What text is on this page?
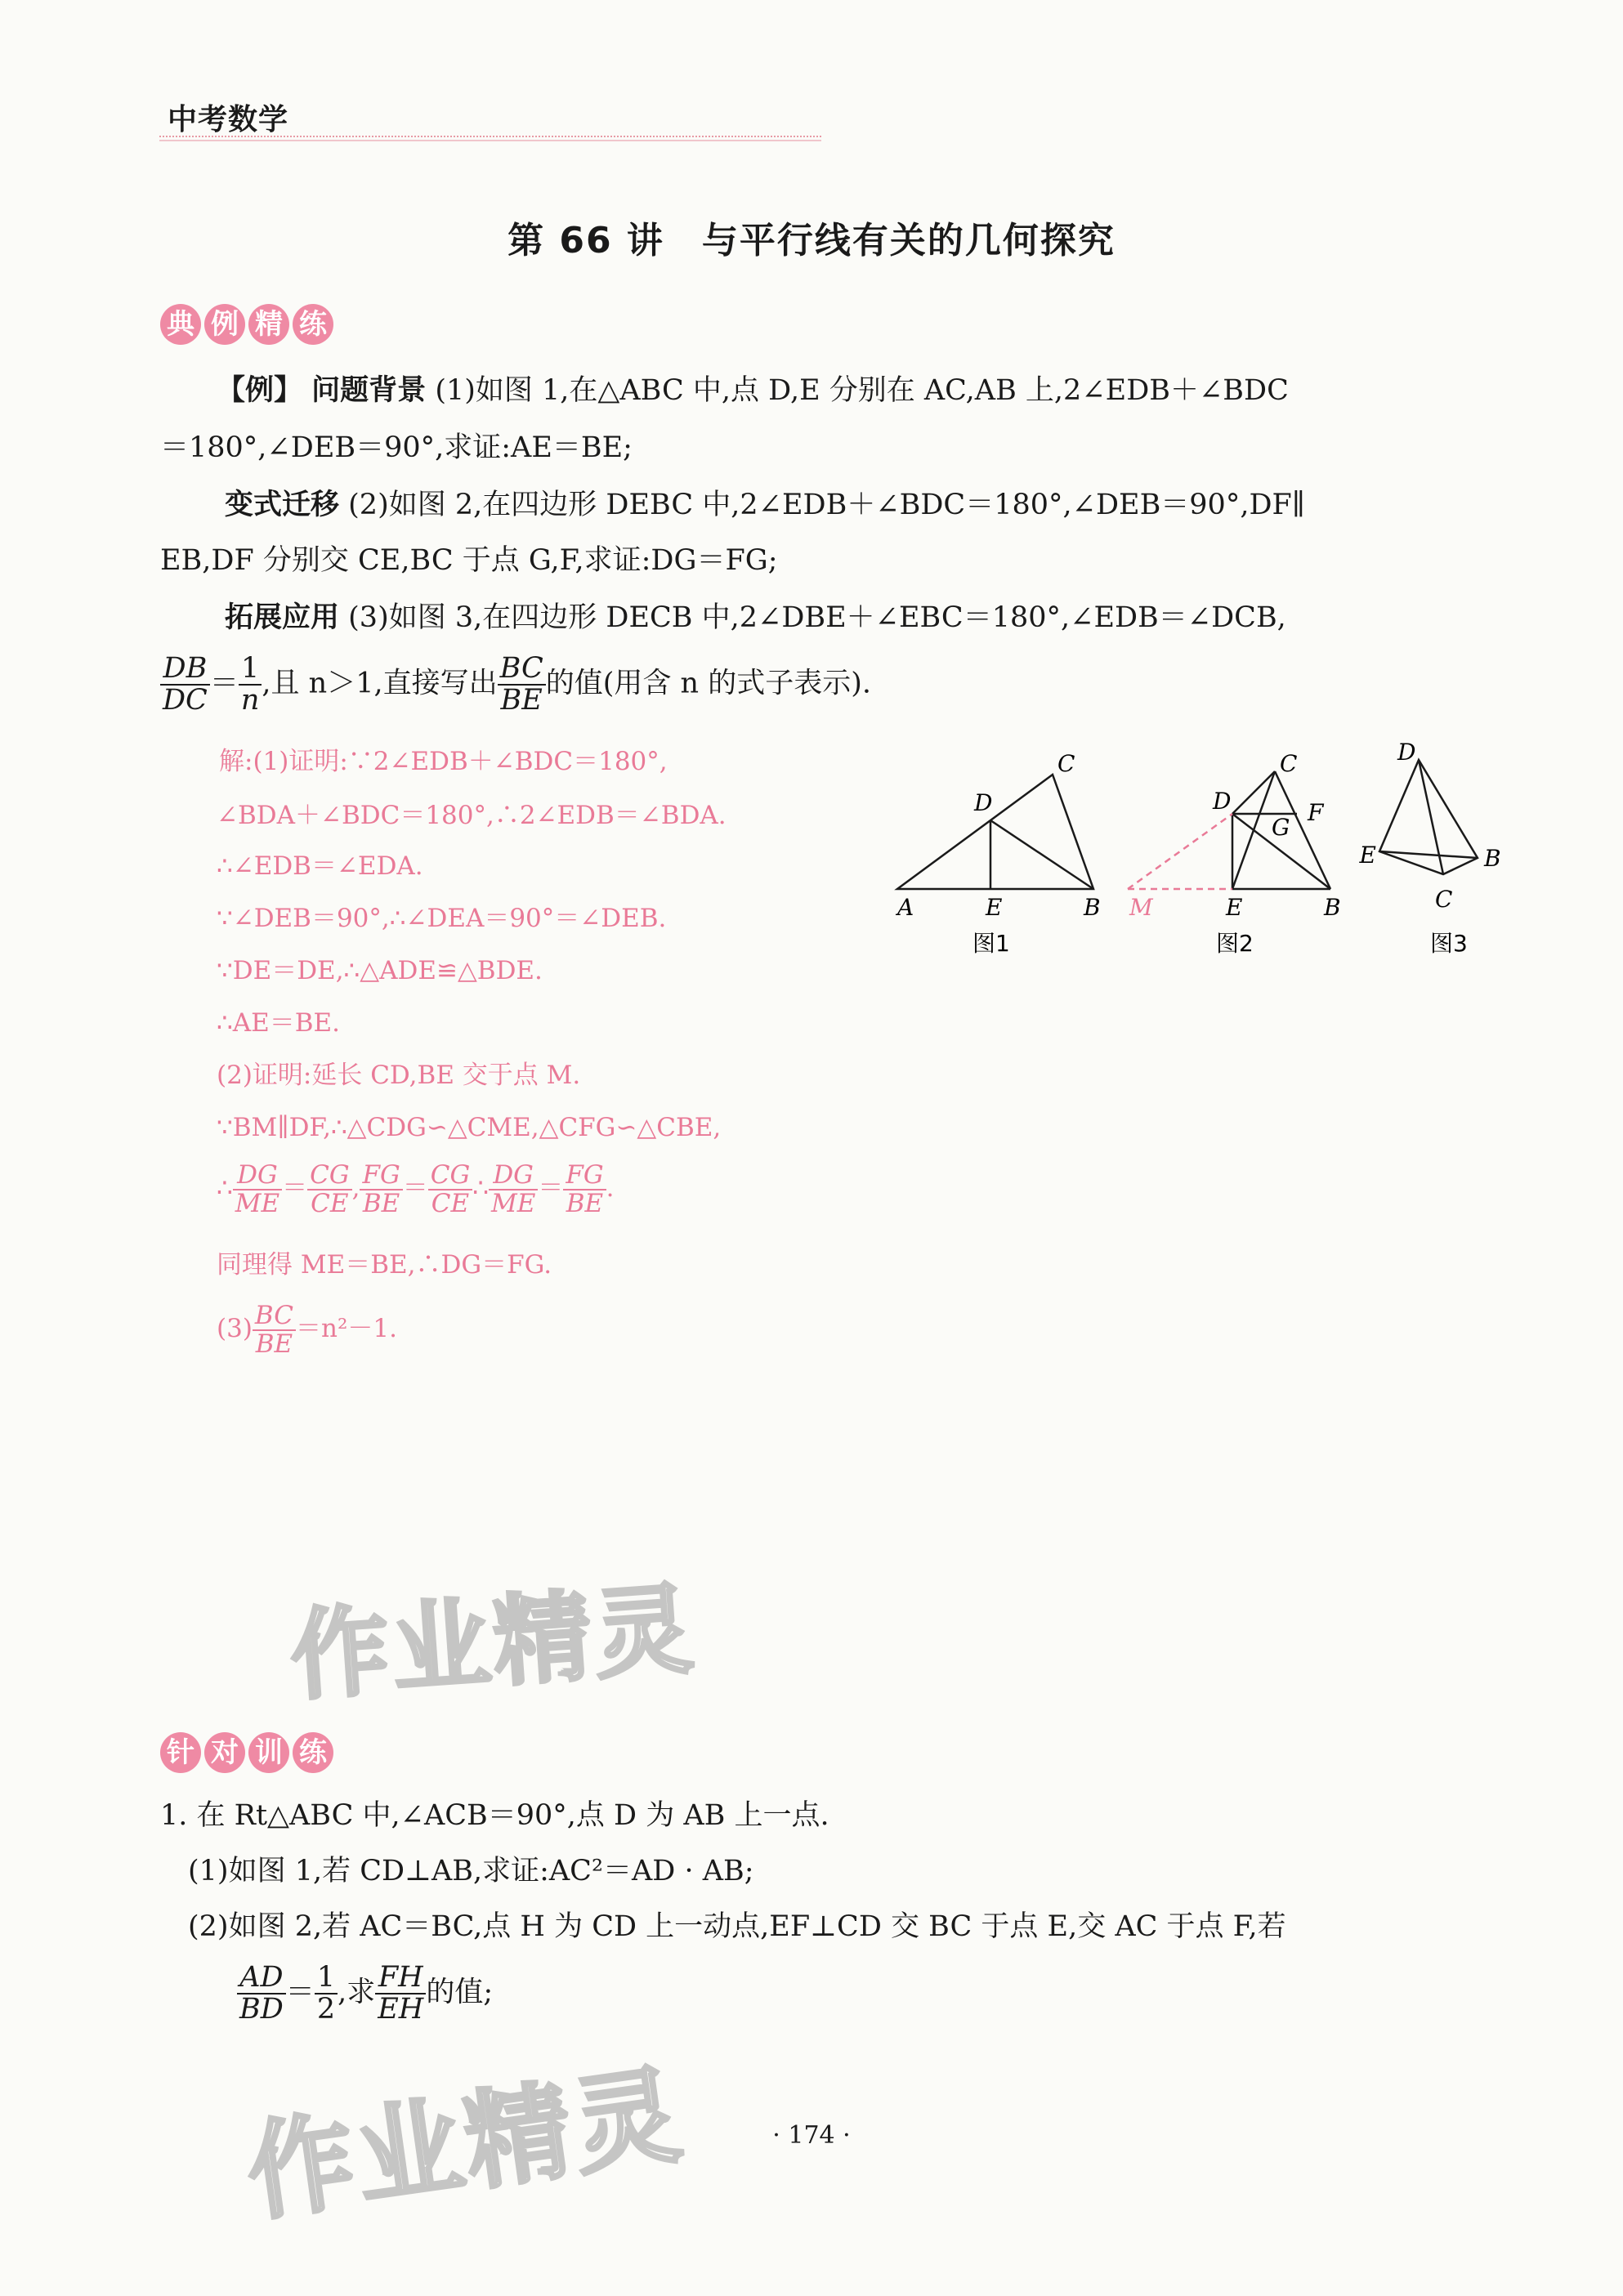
中考数学
第 66 讲　与平行线有关的几何探究
典 例 精 练
【例】 问题背景 (1)如图 1,在△ABC 中,点 D,E 分别在 AC,AB 上,2∠EDB＋∠BDC
＝180°,∠DEB＝90°,求证:AE＝BE;
变式迁移 (2)如图 2,在四边形 DEBC 中,2∠EDB＋∠BDC＝180°,∠DEB＝90°,DF∥
EB,DF 分别交 CE,BC 于点 G,F,求证:DG＝FG;
拓展应用 (3)如图 3,在四边形 DECB 中,2∠DBE＋∠EBC＝180°,∠EDB＝∠DCB,
$\frac{DB}{DC} = \frac{1}{n}$ ,且 n＞1,直接写出 $\frac{BC}{BE}$ 的值(用含 n 的式子表示).
解:(1)证明:∵2∠EDB＋∠BDC＝180°,
∠BDA＋∠BDC＝180°,∴2∠EDB＝∠BDA.
∴∠EDB＝∠EDA.
∵∠DEB＝90°,∴∠DEA＝90°＝∠DEB.
∵DE＝DE,∴△ADE≌△BDE.
∴AE＝BE.
(2)证明:延长 CD,BE 交于点 M.
∵BM∥DF,∴△CDG∽△CME,△CFG∽△CBE,
∴ $\frac{DG}{ME} = \frac{CG}{CE}$ , $\frac{FG}{BE} = \frac{CG}{CE}$ ∴ $\frac{DG}{ME} = \frac{FG}{BE}$ .
同理得 ME＝BE,∴DG＝FG.
$(3) \frac{BC}{BE} =n^2-1$.
A	E	B
D
C
图1
D
C
F
G
E	B
M
图2
D
E	B
C
图3
作业精灵
针 对 训 练
1. 在 Rt△ABC 中,∠ACB＝90°,点 D 为 AB 上一点.
(1)如图 1,若 CD⊥AB,求证:AC²＝AD · AB;
(2)如图 2,若 AC＝BC,点 H 为 CD 上一动点,EF⊥CD 交 BC 于点 E,交 AC 于点 F,若
$\frac{AD}{BD} = \frac{1}{2}$ ,求 $\frac{FH}{EH}$ 的值;
作业精灵	· 174 ·
